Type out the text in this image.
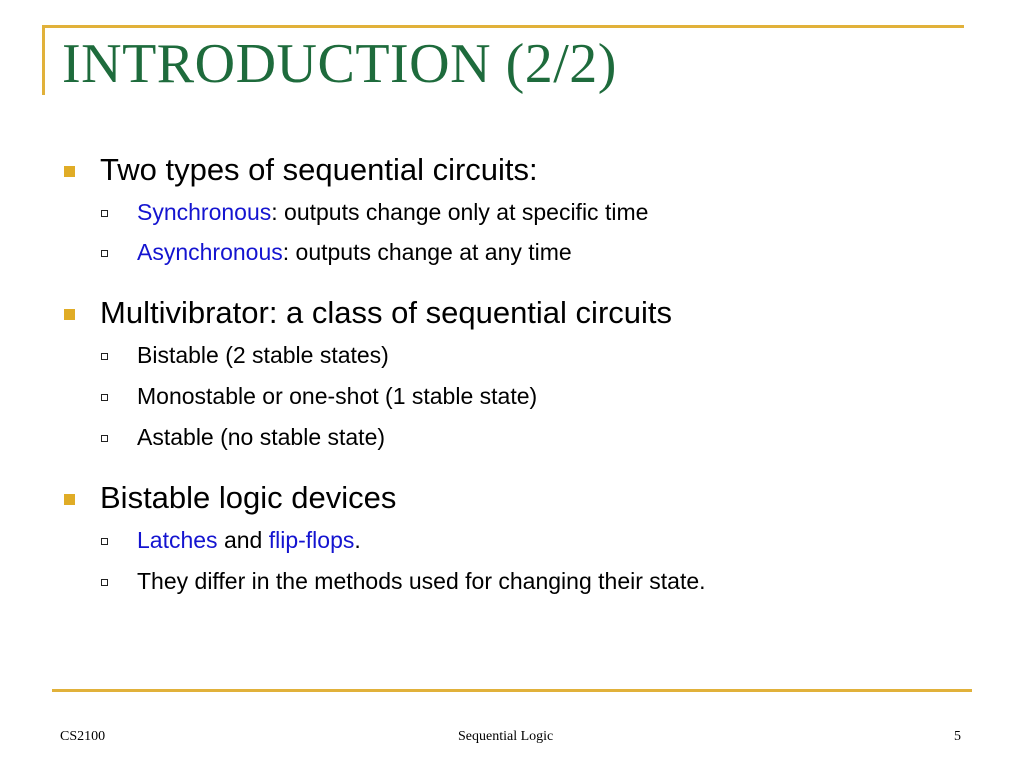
INTRODUCTION (2/2)
Two types of sequential circuits:
Synchronous: outputs change only at specific time
Asynchronous: outputs change at any time
Multivibrator: a class of sequential circuits
Bistable (2 stable states)
Monostable or one-shot (1 stable state)
Astable (no stable state)
Bistable logic devices
Latches and flip-flops.
They differ in the methods used for changing their state.
CS2100	Sequential Logic	5
